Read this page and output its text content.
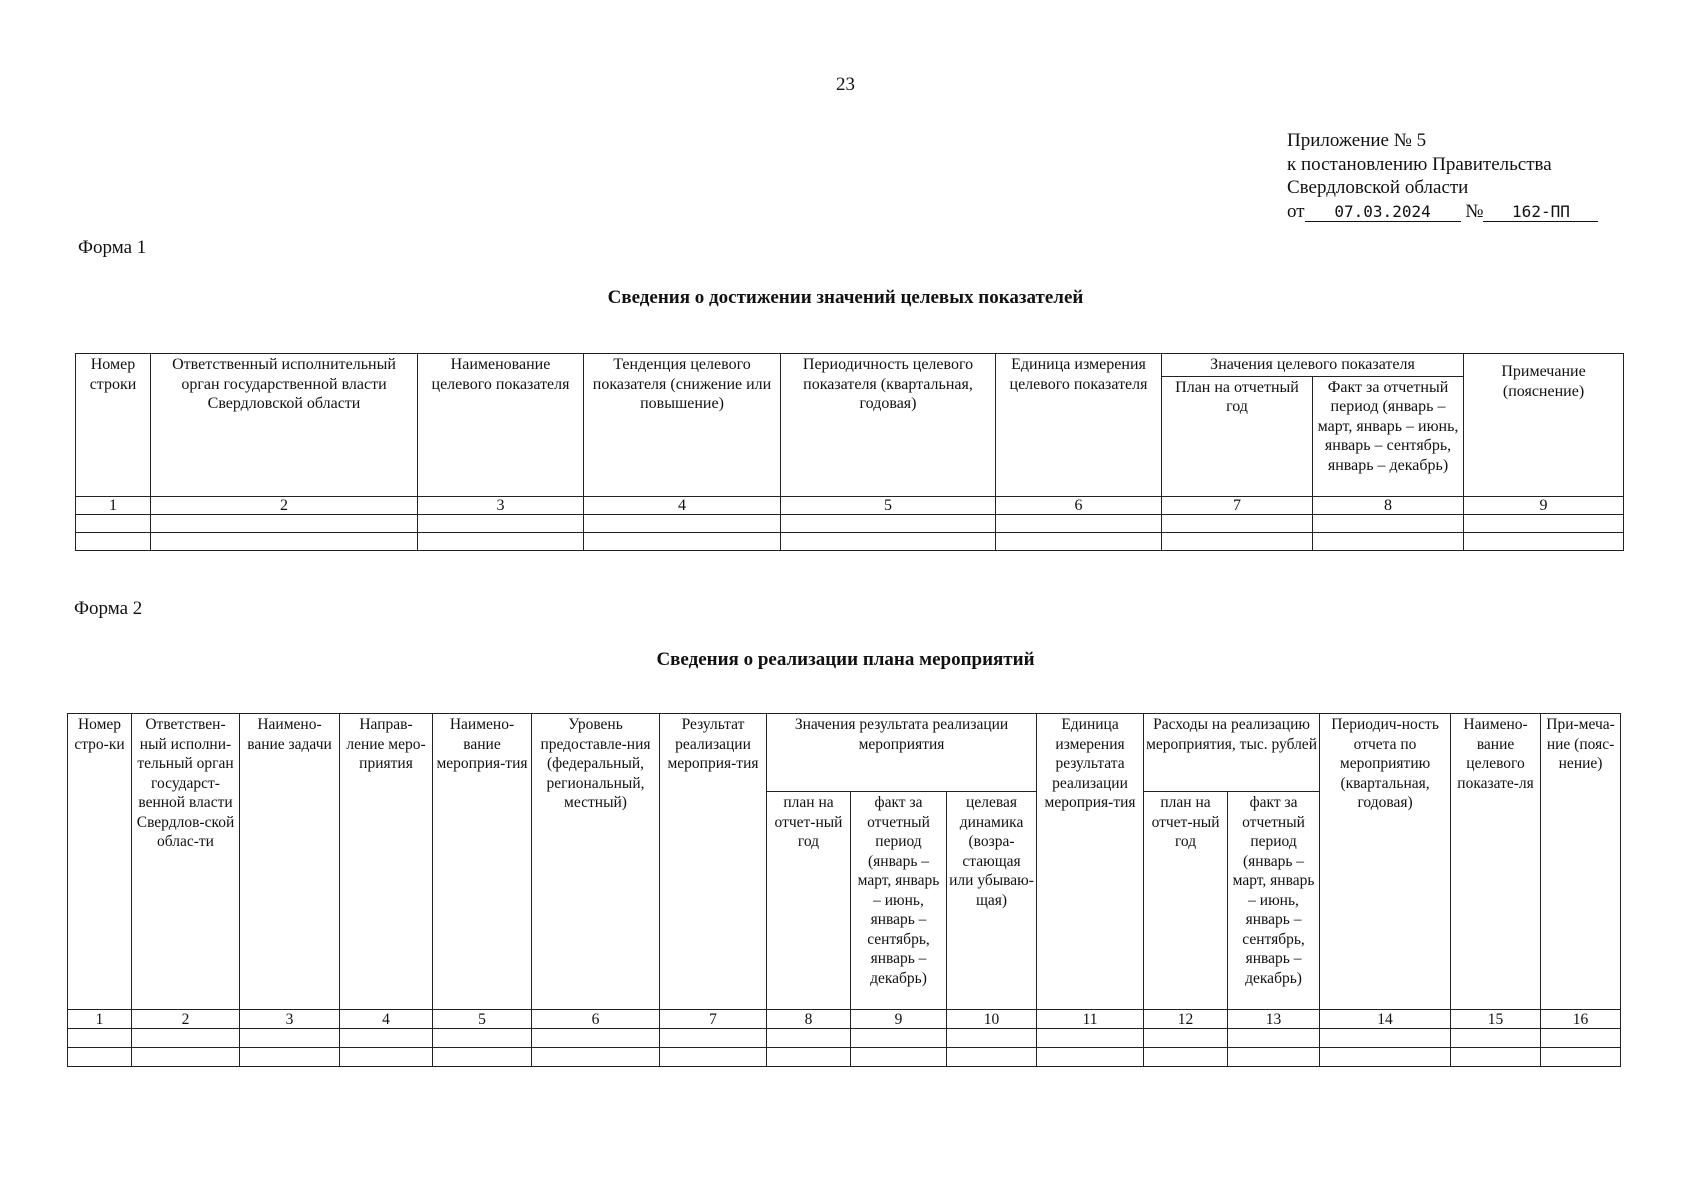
23
Приложение № 5
к постановлению Правительства
Свердловской области
от 07.03.2024 № 162-ПП
Форма 1
Сведения о достижении значений целевых показателей
Номер строки	Ответственный исполнительный орган государственной власти Свердловской области	Наименование целевого показателя	Тенденция целевого показателя (снижение или повышение)	Периодичность целевого показателя (квартальная, годовая)	Единица измерения целевого показателя	Значения целевого показателя		Примечание (пояснение)
						План на отчетный год	Факт за отчетный период (январь – март, январь – июнь, январь – сентябрь, январь – декабрь)	
1	2	3	4	5	6	7	8	9

Форма 2
Сведения о реализации плана мероприятий
Номер стро-ки	Ответствен-ный исполни-тельный орган государст-венной власти Свердлов-ской облас-ти	Наимено-вание задачи	Направ-ление меро-приятия	Наимено-вание мероприя-тия	Уровень предоставле-ния (федеральный, региональный, местный)	Результат реализации мероприя-тия	Значения результата реализации мероприятия			Единица измерения результата реализации мероприя-тия	Расходы на реализацию мероприятия, тыс. рублей		Периодич-ность отчета по мероприятию (квартальная, годовая)	Наимено-вание целевого показате-ля	При-меча-ние (пояс-нение)
							план на отчет-ный год	факт за отчетный период (январь – март, январь – июнь, январь – сентябрь, январь – декабрь)	целевая динамика (возра-стающая или убываю-щая)		план на отчет-ный год	факт за отчетный период (январь – март, январь – июнь, январь – сентябрь, январь – декабрь)			
1	2	3	4	5	6	7	8	9	10	11	12	13	14	15	16
